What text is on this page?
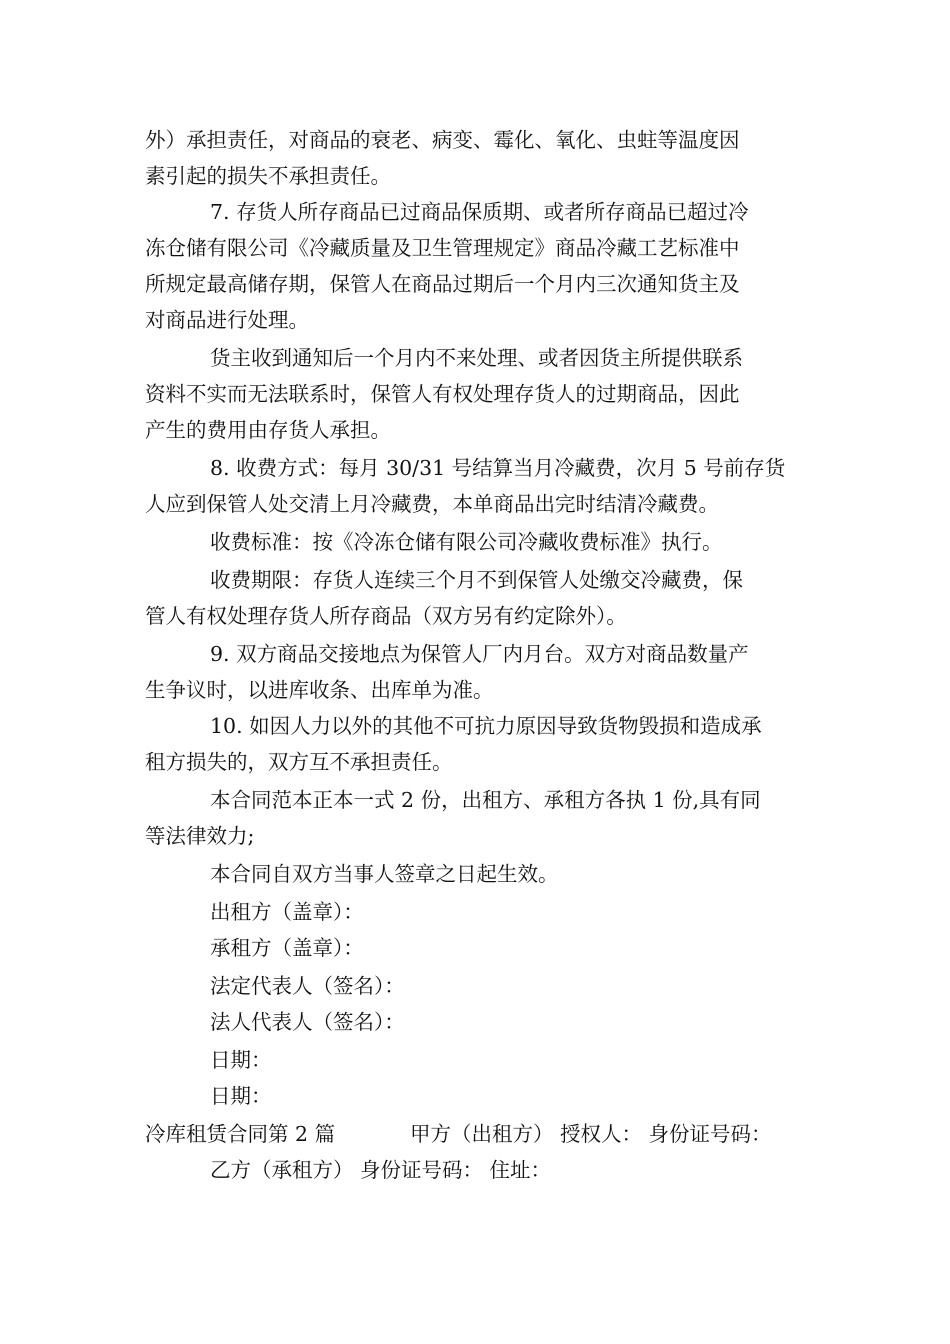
外）承担责任，对商品的衰老、病变、霉化、氧化、虫蛀等温度因
素引起的损失不承担责任。
7. 存货人所存商品已过商品保质期、或者所存商品已超过冷
冻仓储有限公司《冷藏质量及卫生管理规定》商品冷藏工艺标准中
所规定最高储存期，保管人在商品过期后一个月内三次通知货主及
对商品进行处理。
货主收到通知后一个月内不来处理、或者因货主所提供联系
资料不实而无法联系时，保管人有权处理存货人的过期商品，因此
产生的费用由存货人承担。
8. 收费方式：每月 30/31 号结算当月冷藏费，次月 5 号前存货
人应到保管人处交清上月冷藏费，本单商品出完时结清冷藏费。
收费标准：按《冷冻仓储有限公司冷藏收费标准》执行。
收费期限：存货人连续三个月不到保管人处缴交冷藏费，保
管人有权处理存货人所存商品（双方另有约定除外）。
9. 双方商品交接地点为保管人厂内月台。双方对商品数量产
生争议时，以进库收条、出库单为准。
10. 如因人力以外的其他不可抗力原因导致货物毁损和造成承
租方损失的，双方互不承担责任。
本合同范本正本一式 2 份，出租方、承租方各执 1 份,具有同
等法律效力;
本合同自双方当事人签章之日起生效。
出租方（盖章）：
承租方（盖章）：
法定代表人（签名）：
法人代表人（签名）：
日期：
日期：
冷库租赁合同第 2 篇	甲方（出租方） 授权人： 身份证号码：
乙方（承租方） 身份证号码： 住址：
